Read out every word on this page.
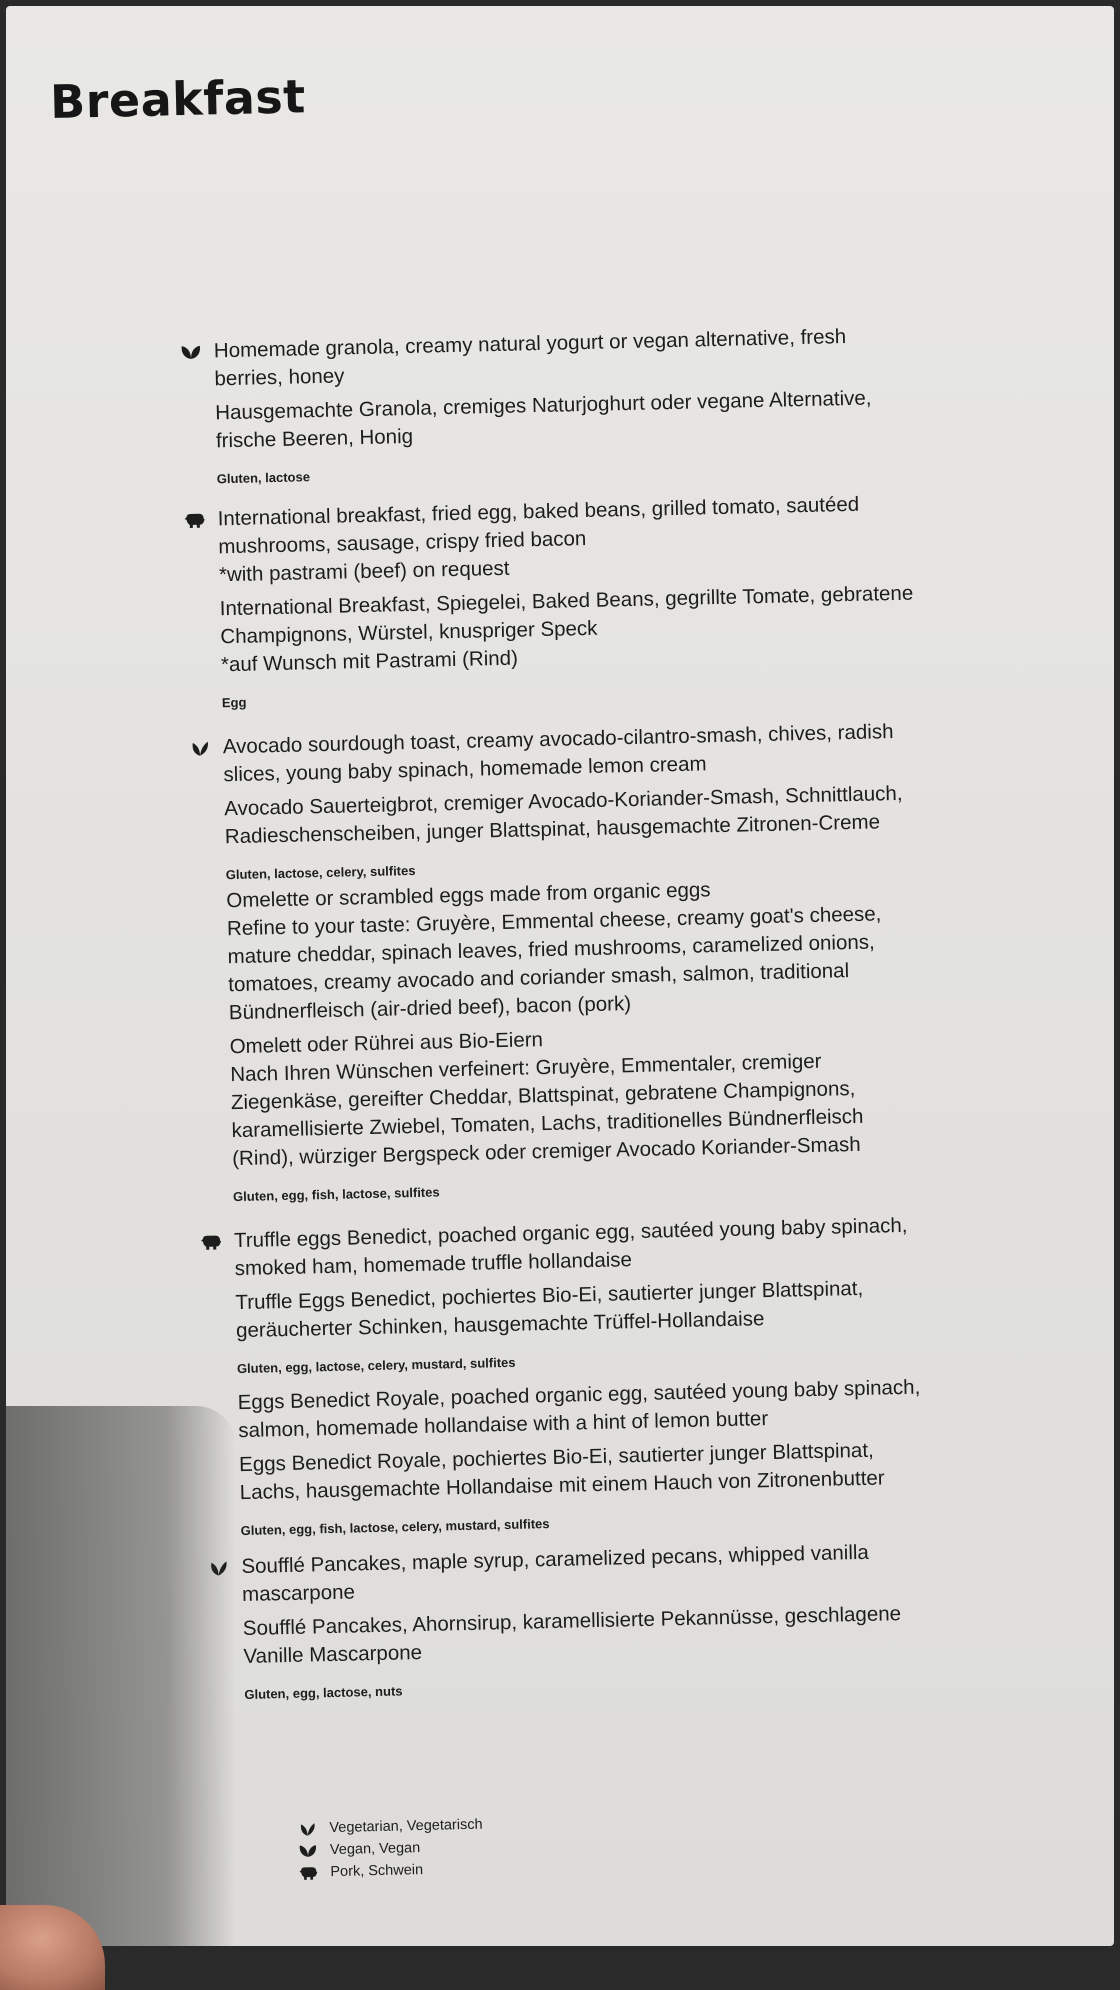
Breakfast
Homemade granola, creamy natural yogurt or vegan alternative, fresh
berries, honey
Hausgemachte Granola, cremiges Naturjoghurt oder vegane Alternative,
frische Beeren, Honig
Gluten, lactose
International breakfast, fried egg, baked beans, grilled tomato, sautéed
mushrooms, sausage, crispy fried bacon
*with pastrami (beef) on request
International Breakfast, Spiegelei, Baked Beans, gegrillte Tomate, gebratene
Champignons, Würstel, knuspriger Speck
*auf Wunsch mit Pastrami (Rind)
Egg
Avocado sourdough toast, creamy avocado-cilantro-smash, chives, radish
slices, young baby spinach, homemade lemon cream
Avocado Sauerteigbrot, cremiger Avocado-Koriander-Smash, Schnittlauch,
Radieschenscheiben, junger Blattspinat, hausgemachte Zitronen-Creme
Gluten, lactose, celery, sulfites
Omelette or scrambled eggs made from organic eggs
Refine to your taste: Gruyère, Emmental cheese, creamy goat's cheese,
mature cheddar, spinach leaves, fried mushrooms, caramelized onions,
tomatoes, creamy avocado and coriander smash, salmon, traditional
Bündnerfleisch (air-dried beef), bacon (pork)
Omelett oder Rührei aus Bio-Eiern
Nach Ihren Wünschen verfeinert: Gruyère, Emmentaler, cremiger
Ziegenkäse, gereifter Cheddar, Blattspinat, gebratene Champignons,
karamellisierte Zwiebel, Tomaten, Lachs, traditionelles Bündnerfleisch
(Rind), würziger Bergspeck oder cremiger Avocado Koriander-Smash
Gluten, egg, fish, lactose, sulfites
Truffle eggs Benedict, poached organic egg, sautéed young baby spinach,
smoked ham, homemade truffle hollandaise
Truffle Eggs Benedict, pochiertes Bio-Ei, sautierter junger Blattspinat,
geräucherter Schinken, hausgemachte Trüffel-Hollandaise
Gluten, egg, lactose, celery, mustard, sulfites
Eggs Benedict Royale, poached organic egg, sautéed young baby spinach,
salmon, homemade hollandaise with a hint of lemon butter
Eggs Benedict Royale, pochiertes Bio-Ei, sautierter junger Blattspinat,
Lachs, hausgemachte Hollandaise mit einem Hauch von Zitronenbutter
Gluten, egg, fish, lactose, celery, mustard, sulfites
Soufflé Pancakes, maple syrup, caramelized pecans, whipped vanilla
mascarpone
Soufflé Pancakes, Ahornsirup, karamellisierte Pekannüsse, geschlagene
Vanille Mascarpone
Gluten, egg, lactose, nuts
Vegetarian, Vegetarisch
Vegan, Vegan
Pork, Schwein
